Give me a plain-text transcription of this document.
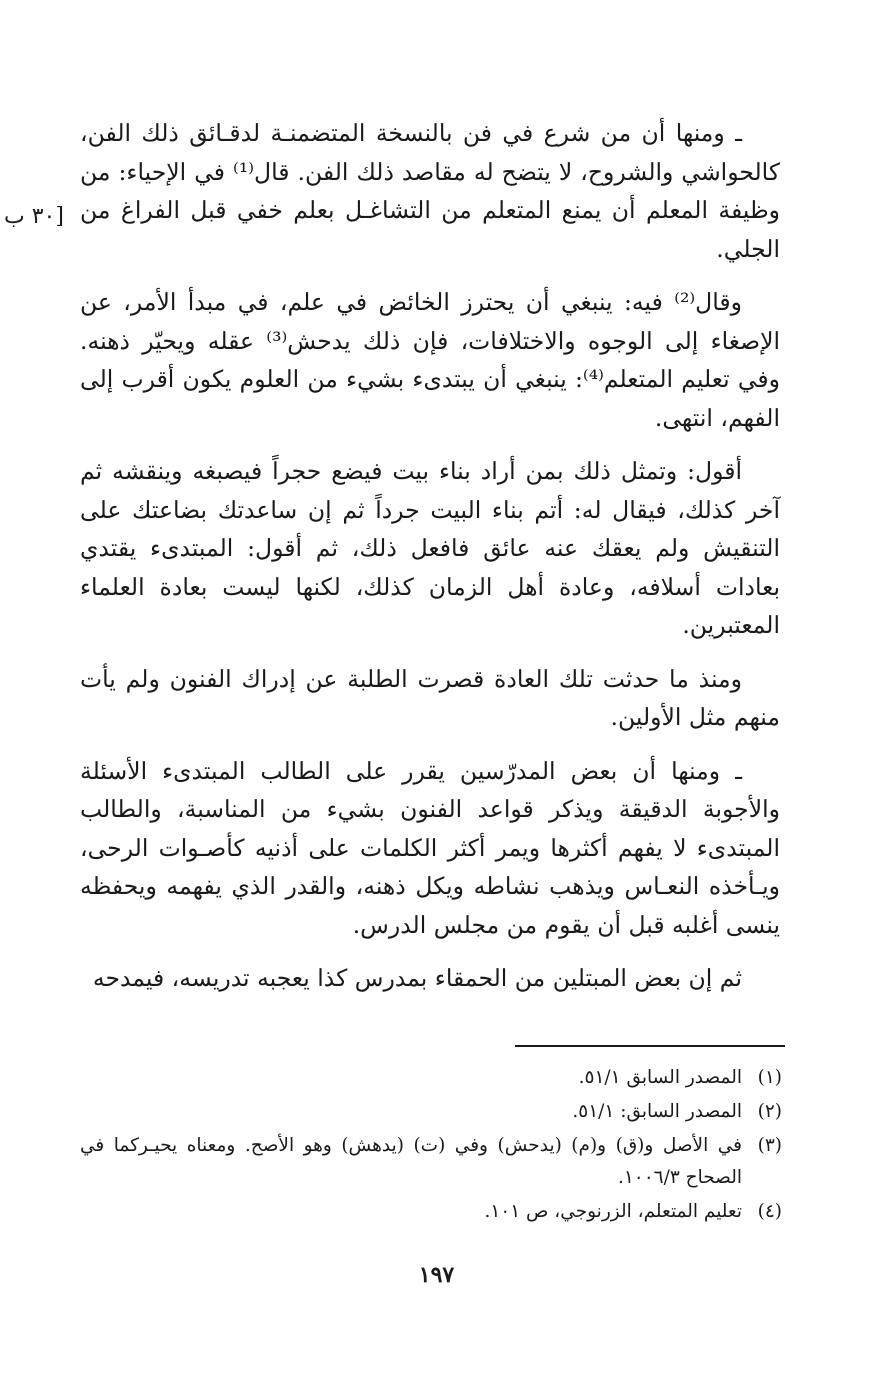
[٣٠ ب

ـ ومنها أن من شرع في فن بالنسخة المتضمنـة لدقـائق ذلك الفن، كالحواشي والشروح، لا يتضح له مقاصد ذلك الفن. قال⁽¹⁾ في الإحياء: من وظيفة المعلم أن يمنع المتعلم من التشاغـل بعلم خفي قبل الفراغ من الجلي.

وقال⁽²⁾ فيه: ينبغي أن يحترز الخائض في علم، في مبدأ الأمر، عن الإصغاء إلى الوجوه والاختلافات، فإن ذلك يدحش⁽³⁾ عقله ويحيّر ذهنه. وفي تعليم المتعلم⁽⁴⁾: ينبغي أن يبتدىء بشيء من العلوم يكون أقرب إلى الفهم، انتهى.

أقول: وتمثل ذلك بمن أراد بناء بيت فيضع حجراً فيصبغه وينقشه ثم آخر كذلك، فيقال له: أتم بناء البيت جرداً ثم إن ساعدتك بضاعتك على التنقيش ولم يعقك عنه عائق فافعل ذلك، ثم أقول: المبتدىء يقتدي بعادات أسلافه، وعادة أهل الزمان كذلك، لكنها ليست بعادة العلماء المعتبرين.

ومنذ ما حدثت تلك العادة قصرت الطلبة عن إدراك الفنون ولم يأت منهم مثل الأولين.

ـ ومنها أن بعض المدرّسين يقرر على الطالب المبتدىء الأسئلة والأجوبة الدقيقة ويذكر قواعد الفنون بشيء من المناسبة، والطالب المبتدىء لا يفهم أكثرها ويمر أكثر الكلمات على أذنيه كأصـوات الرحى، ويـأخذه النعـاس ويذهب نشاطه ويكل ذهنه، والقدر الذي يفهمه ويحفظه ينسى أغلبه قبل أن يقوم من مجلس الدرس.

ثم إن بعض المبتلين من الحمقاء بمدرس كذا يعجبه تدريسه، فيمدحه

(١)
المصدر السابق ٥١/١.
(٢)
المصدر السابق: ٥١/١.
(٣)
في الأصل و(ق) و(م) (يدحش) وفي (ت) (يدهش) وهو الأصح. ومعناه يحيـركما في الصحاح ١٠٠٦/٣.
(٤)
تعليم المتعلم، الزرنوجي، ص ١٠١.
١٩٧
